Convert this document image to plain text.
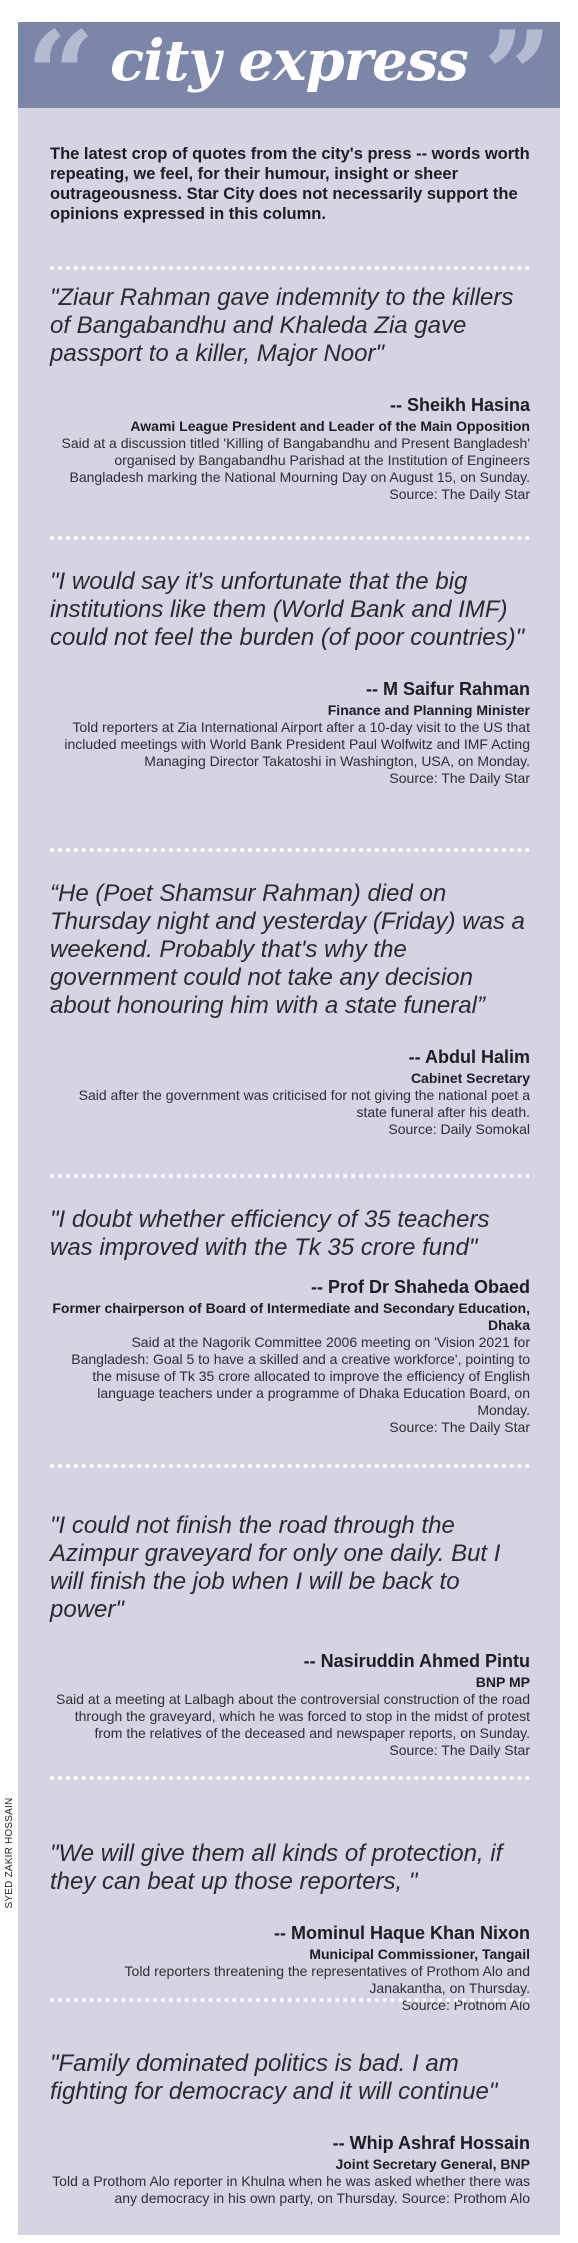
“	”
city express
The latest crop of quotes from the city's press -- words worth repeating, we feel, for their humour, insight or sheer outrageousness. Star City does not necessarily support the opinions expressed in this column.
"Ziaur Rahman gave indemnity to the killers of Bangabandhu and Khaleda Zia gave passport to a killer, Major Noor"
-- Sheikh Hasina
Awami League President and Leader of the Main Opposition
Said at a discussion titled 'Killing of Bangabandhu and Present Bangladesh' organised by Bangabandhu Parishad at the Institution of Engineers Bangladesh marking the National Mourning Day on August 15, on Sunday.
Source: The Daily Star
"I would say it's unfortunate that the big institutions like them (World Bank and IMF) could not feel the burden (of poor countries)"
-- M Saifur Rahman
Finance and Planning Minister
Told reporters at Zia International Airport after a 10-day visit to the US that included meetings with World Bank President Paul Wolfwitz and IMF Acting Managing Director Takatoshi in Washington, USA, on Monday.
Source: The Daily Star
“He (Poet Shamsur Rahman) died on Thursday night and yesterday (Friday) was a weekend. Probably that's why the government could not take any decision about honouring him with a state funeral”
-- Abdul Halim
Cabinet Secretary
Said after the government was criticised for not giving the national poet a state funeral after his death.
Source: Daily Somokal
"I doubt whether efficiency of 35 teachers was improved with the Tk 35 crore fund"
-- Prof Dr Shaheda Obaed
Former chairperson of Board of Intermediate and Secondary Education, Dhaka
Said at the Nagorik Committee 2006 meeting on 'Vision 2021 for Bangladesh: Goal 5 to have a skilled and a creative workforce', pointing to the misuse of Tk 35 crore allocated to improve the efficiency of English language teachers under a programme of Dhaka Education Board, on Monday.
Source: The Daily Star
"I could not finish the road through the Azimpur graveyard for only one daily. But I will finish the job when I will be back to power"
-- Nasiruddin Ahmed Pintu
BNP MP
Said at a meeting at Lalbagh about the controversial construction of the road through the graveyard, which he was forced to stop in the midst of protest from the relatives of the deceased and newspaper reports, on Sunday.
Source: The Daily Star
"We will give them all kinds of protection, if they can beat up those reporters, "
-- Mominul Haque Khan Nixon
Municipal Commissioner, Tangail
Told reporters threatening the representatives of Prothom Alo and Janakantha, on Thursday.
Source: Prothom Alo
"Family dominated politics is bad. I am fighting for democracy and it will continue"
-- Whip Ashraf Hossain
Joint Secretary General, BNP
Told a Prothom Alo reporter in Khulna when he was asked whether there was any democracy in his own party, on Thursday. Source: Prothom Alo
SYED ZAKIR HOSSAIN
